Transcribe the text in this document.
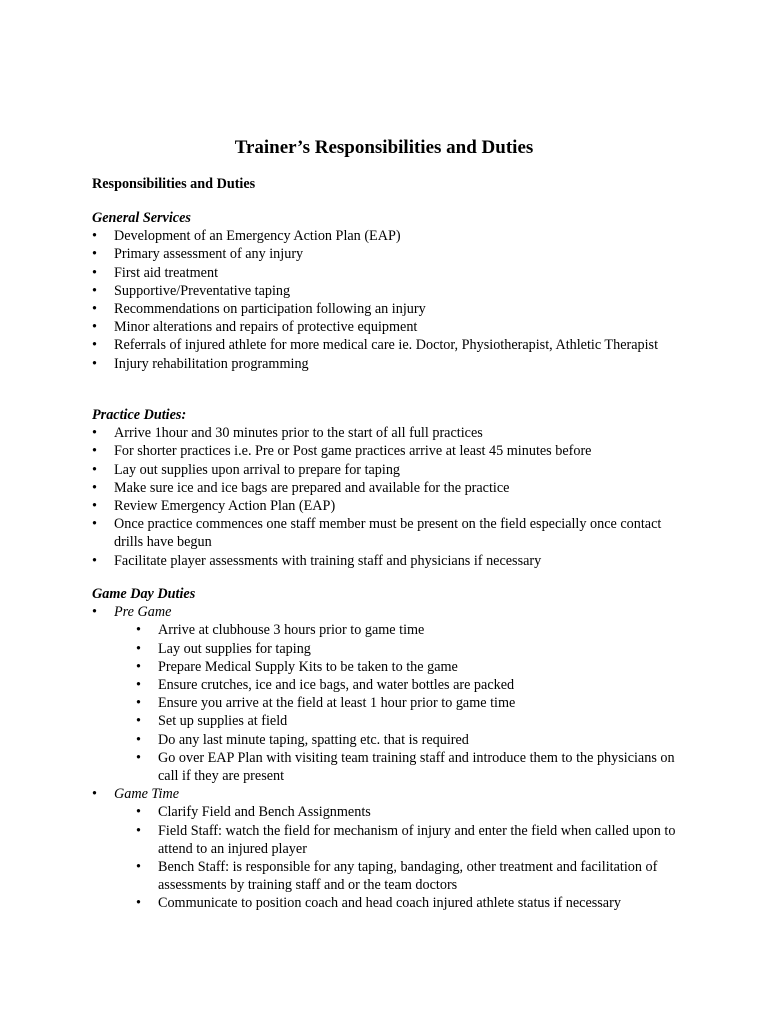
Trainer’s Responsibilities and Duties

Responsibilities and Duties

General Services

• Development of an Emergency Action Plan (EAP)
• Primary assessment of any injury
• First aid treatment
• Supportive/Preventative taping
• Recommendations on participation following an injury
• Minor alterations and repairs of protective equipment
• Referrals of injured athlete for more medical care ie. Doctor, Physiotherapist, Athletic Therapist
• Injury rehabilitation programming

Practice Duties:

• Arrive 1hour and 30 minutes prior to the start of all full practices
• For shorter practices i.e. Pre or Post game practices arrive at least 45 minutes before
• Lay out supplies upon arrival to prepare for taping
• Make sure ice and ice bags are prepared and available for the practice
• Review Emergency Action Plan (EAP)
• Once practice commences one staff member must be present on the field especially once contact drills have begun
• Facilitate player assessments with training staff and physicians if necessary

Game Day Duties

• Pre Game
• Arrive at clubhouse 3 hours prior to game time
• Lay out supplies for taping
• Prepare Medical Supply Kits to be taken to the game
• Ensure crutches, ice and ice bags, and water bottles are packed
• Ensure you arrive at the field at least 1 hour prior to game time
• Set up supplies at field
• Do any last minute taping, spatting etc. that is required
• Go over EAP Plan with visiting team training staff and introduce them to the physicians on call if they are present
• Game Time
• Clarify Field and Bench Assignments
• Field Staff: watch the field for mechanism of injury and enter the field when called upon to attend to an injured player
• Bench Staff: is responsible for any taping, bandaging, other treatment and facilitation of assessments by training staff and or the team doctors
• Communicate to position coach and head coach injured athlete status if necessary
